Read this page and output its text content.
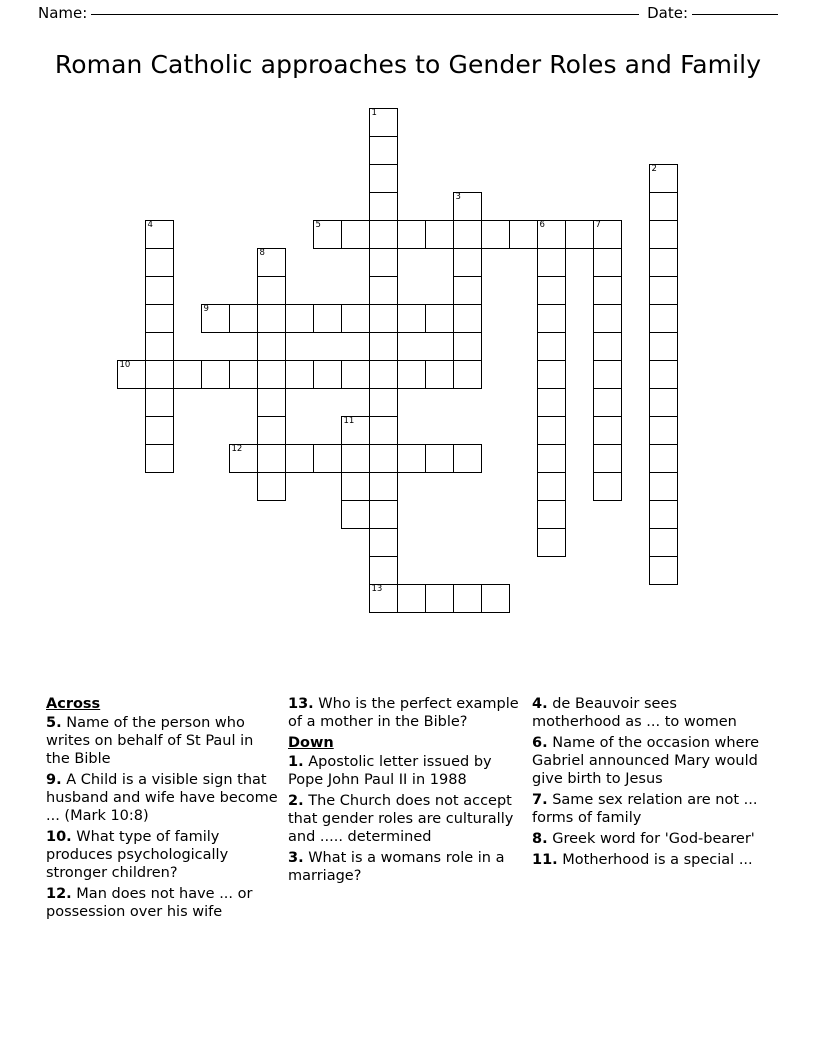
Name:	Date:
Roman Catholic approaches to Gender Roles and Family
1
2
3
4	5	6	7
8
9
10
11
12
13
Across

5. Name of the person who writes on behalf of St Paul in the Bible

9. A Child is a visible sign that husband and wife have become ... (Mark 10:8)

10. What type of family produces psychologically stronger children?

12. Man does not have ... or possession over his wife

13. Who is the perfect example of a mother in the Bible?

Down

1. Apostolic letter issued by Pope John Paul II in 1988

2. The Church does not accept that gender roles are culturally and ..... determined

3. What is a womans role in a marriage?

4. de Beauvoir sees motherhood as ... to women

6. Name of the occasion where Gabriel announced Mary would give birth to Jesus

7. Same sex relation are not ... forms of family

8. Greek word for 'God-bearer'

11. Motherhood is a special ...
